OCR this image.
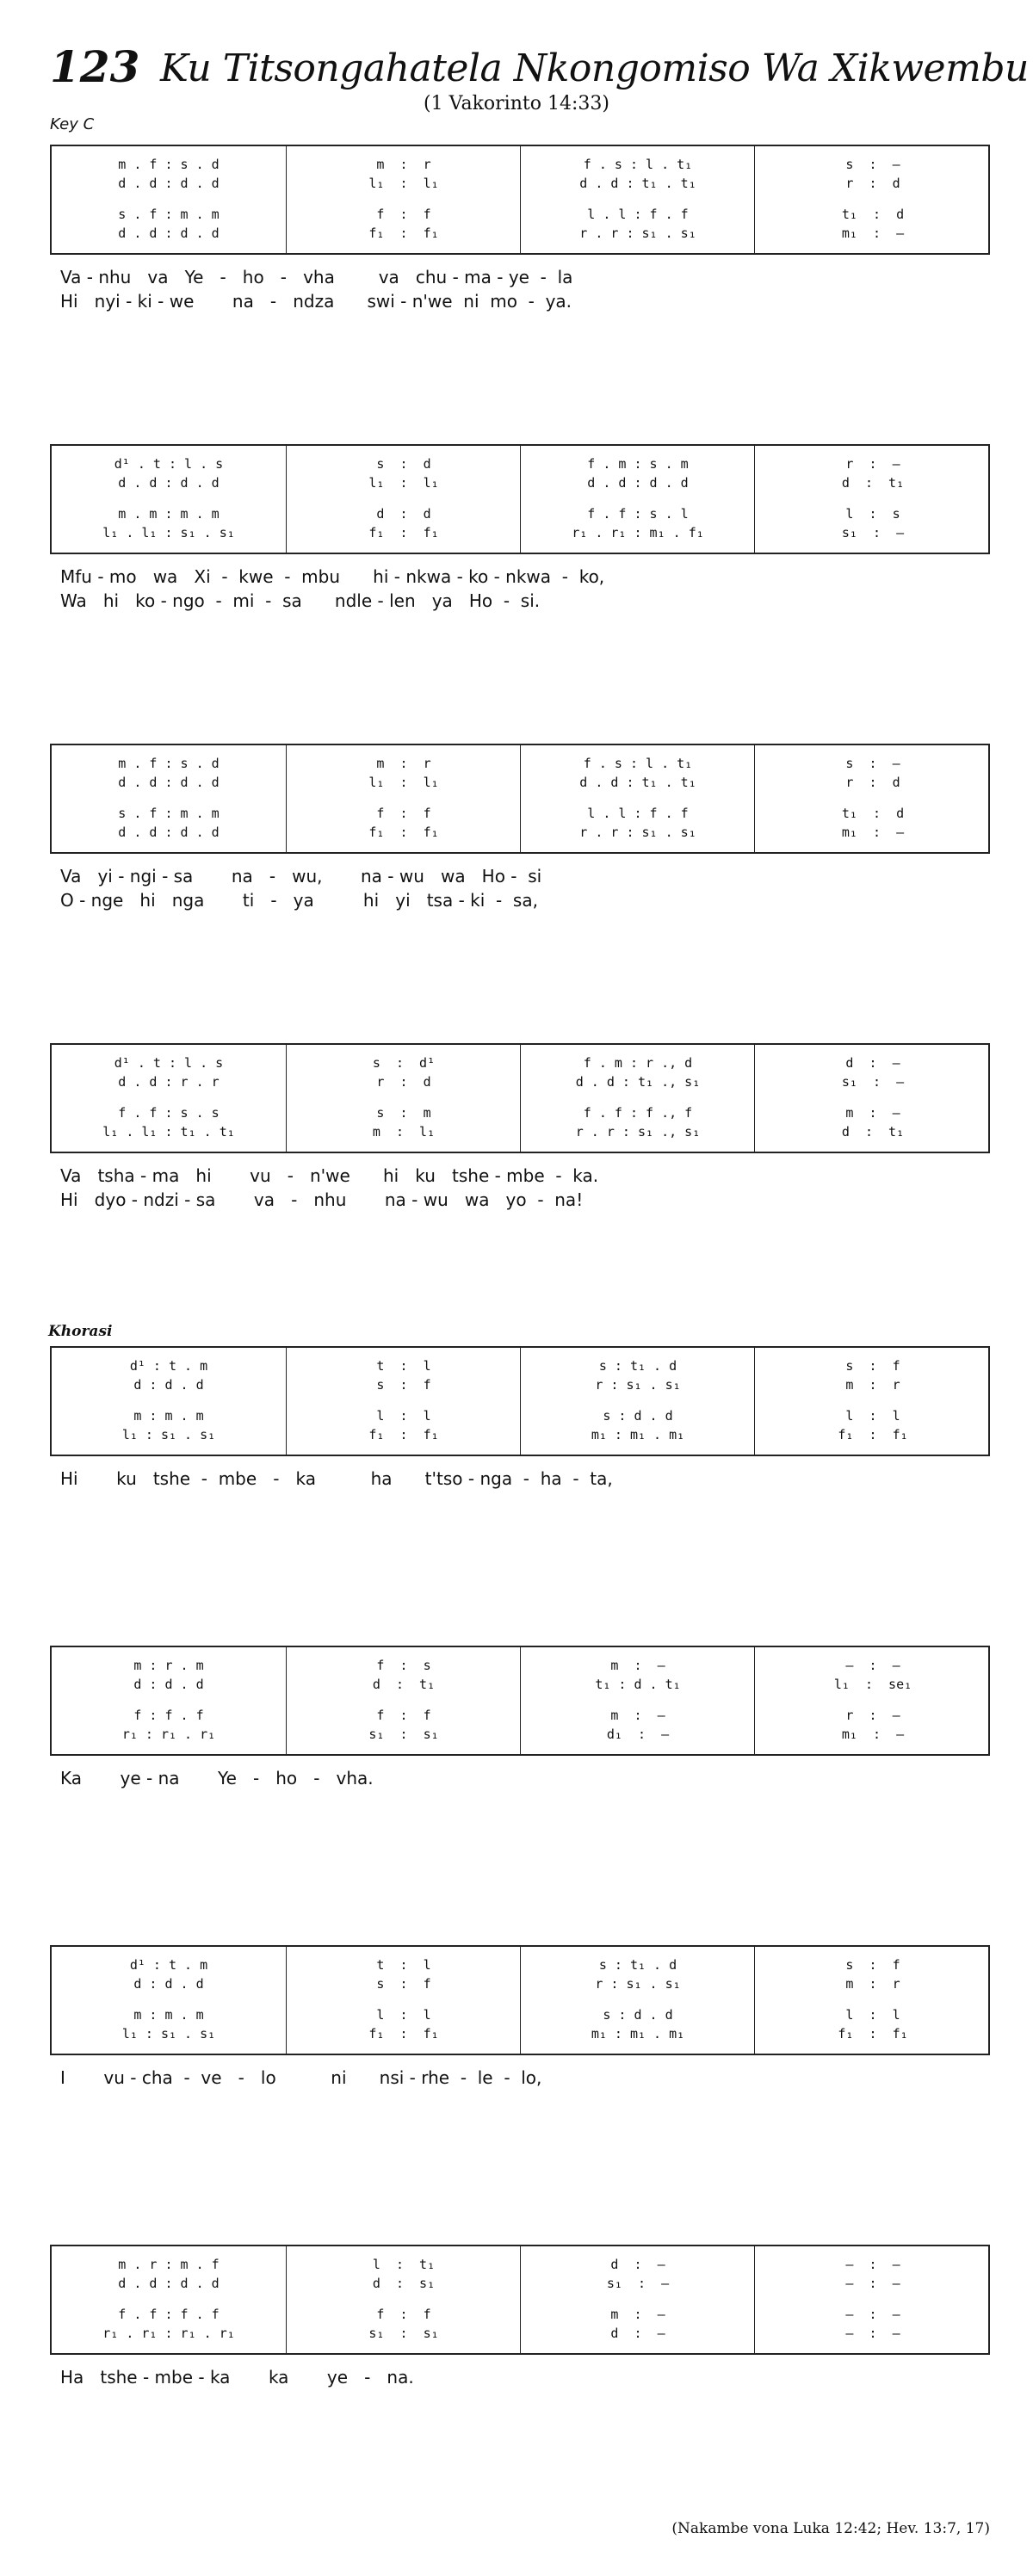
123 Ku Titsongahatela Nkongomiso Wa Xikwembu
(1 Vakorinto 14:33)
Key C
m . f : s . d
d . d : d . d
s . f : m . m
d . d : d . d
m  :  r
l₁  :  l₁
f  :  f
f₁  :  f₁
f . s : l . t₁
d . d : t₁ . t₁
l . l : f . f
r . r : s₁ . s₁
s  :  —
r  :  d
t₁  :  d
m₁  :  —
Va - nhu   va   Ye   -   ho   -   vha        va   chu - ma - ye  -  la
Hi   nyi - ki - we       na   -   ndza      swi - n'we  ni  mo  -  ya.
d¹ . t : l . s
d . d : d . d
m . m : m . m
l₁ . l₁ : s₁ . s₁
s  :  d
l₁  :  l₁
d  :  d
f₁  :  f₁
f . m : s . m
d . d : d . d
f . f : s . l
r₁ . r₁ : m₁ . f₁
r  :  —
d  :  t₁
l  :  s
s₁  :  —
Mfu - mo   wa   Xi  -  kwe  -  mbu      hi - nkwa - ko - nkwa  -  ko,
Wa   hi   ko - ngo  -  mi  -  sa      ndle - len   ya   Ho  -  si.
m . f : s . d
d . d : d . d
s . f : m . m
d . d : d . d
m  :  r
l₁  :  l₁
f  :  f
f₁  :  f₁
f . s : l . t₁
d . d : t₁ . t₁
l . l : f . f
r . r : s₁ . s₁
s  :  —
r  :  d
t₁  :  d
m₁  :  —
Va   yi - ngi - sa       na   -   wu,       na - wu   wa   Ho -  si
O - nge   hi   nga       ti   -   ya         hi   yi   tsa - ki  -  sa,
d¹ . t : l . s
d . d : r . r
f . f : s . s
l₁ . l₁ : t₁ . t₁
s  :  d¹
r  :  d
s  :  m
m  :  l₁
f . m : r ., d
d . d : t₁ ., s₁
f . f : f ., f
r . r : s₁ ., s₁
d  :  —
s₁  :  —
m  :  —
d  :  t₁
Va   tsha - ma   hi       vu   -   n'we      hi   ku   tshe - mbe  -  ka.
Hi   dyo - ndzi - sa       va   -   nhu       na - wu   wa   yo  -  na!
d¹ : t . m
d : d . d
m : m . m
l₁ : s₁ . s₁
t  :  l
s  :  f
l  :  l
f₁  :  f₁
s : t₁ . d
r : s₁ . s₁
s : d . d
m₁ : m₁ . m₁
s  :  f
m  :  r
l  :  l
f₁  :  f₁
Hi       ku   tshe  -  mbe   -   ka          ha      t'tso - nga  -  ha  -  ta,
m : r . m
d : d . d
f : f . f
r₁ : r₁ . r₁
f  :  s
d  :  t₁
f  :  f
s₁  :  s₁
m  :  —
t₁ : d . t₁
m  :  —
d₁  :  —
—  :  —
l₁  :  se₁
r  :  —
m₁  :  —
Ka       ye - na       Ye   -   ho   -   vha.
d¹ : t . m
d : d . d
m : m . m
l₁ : s₁ . s₁
t  :  l
s  :  f
l  :  l
f₁  :  f₁
s : t₁ . d
r : s₁ . s₁
s : d . d
m₁ : m₁ . m₁
s  :  f
m  :  r
l  :  l
f₁  :  f₁
I       vu - cha  -  ve   -   lo          ni      nsi - rhe  -  le  -  lo,
m . r : m . f
d . d : d . d
f . f : f . f
r₁ . r₁ : r₁ . r₁
l  :  t₁
d  :  s₁
f  :  f
s₁  :  s₁
d  :  —
s₁  :  —
m  :  —
d  :  —
—  :  —
—  :  —
—  :  —
—  :  —
Ha   tshe - mbe - ka       ka       ye   -   na.
Khorasi
(Nakambe vona Luka 12:42; Hev. 13:7, 17)
